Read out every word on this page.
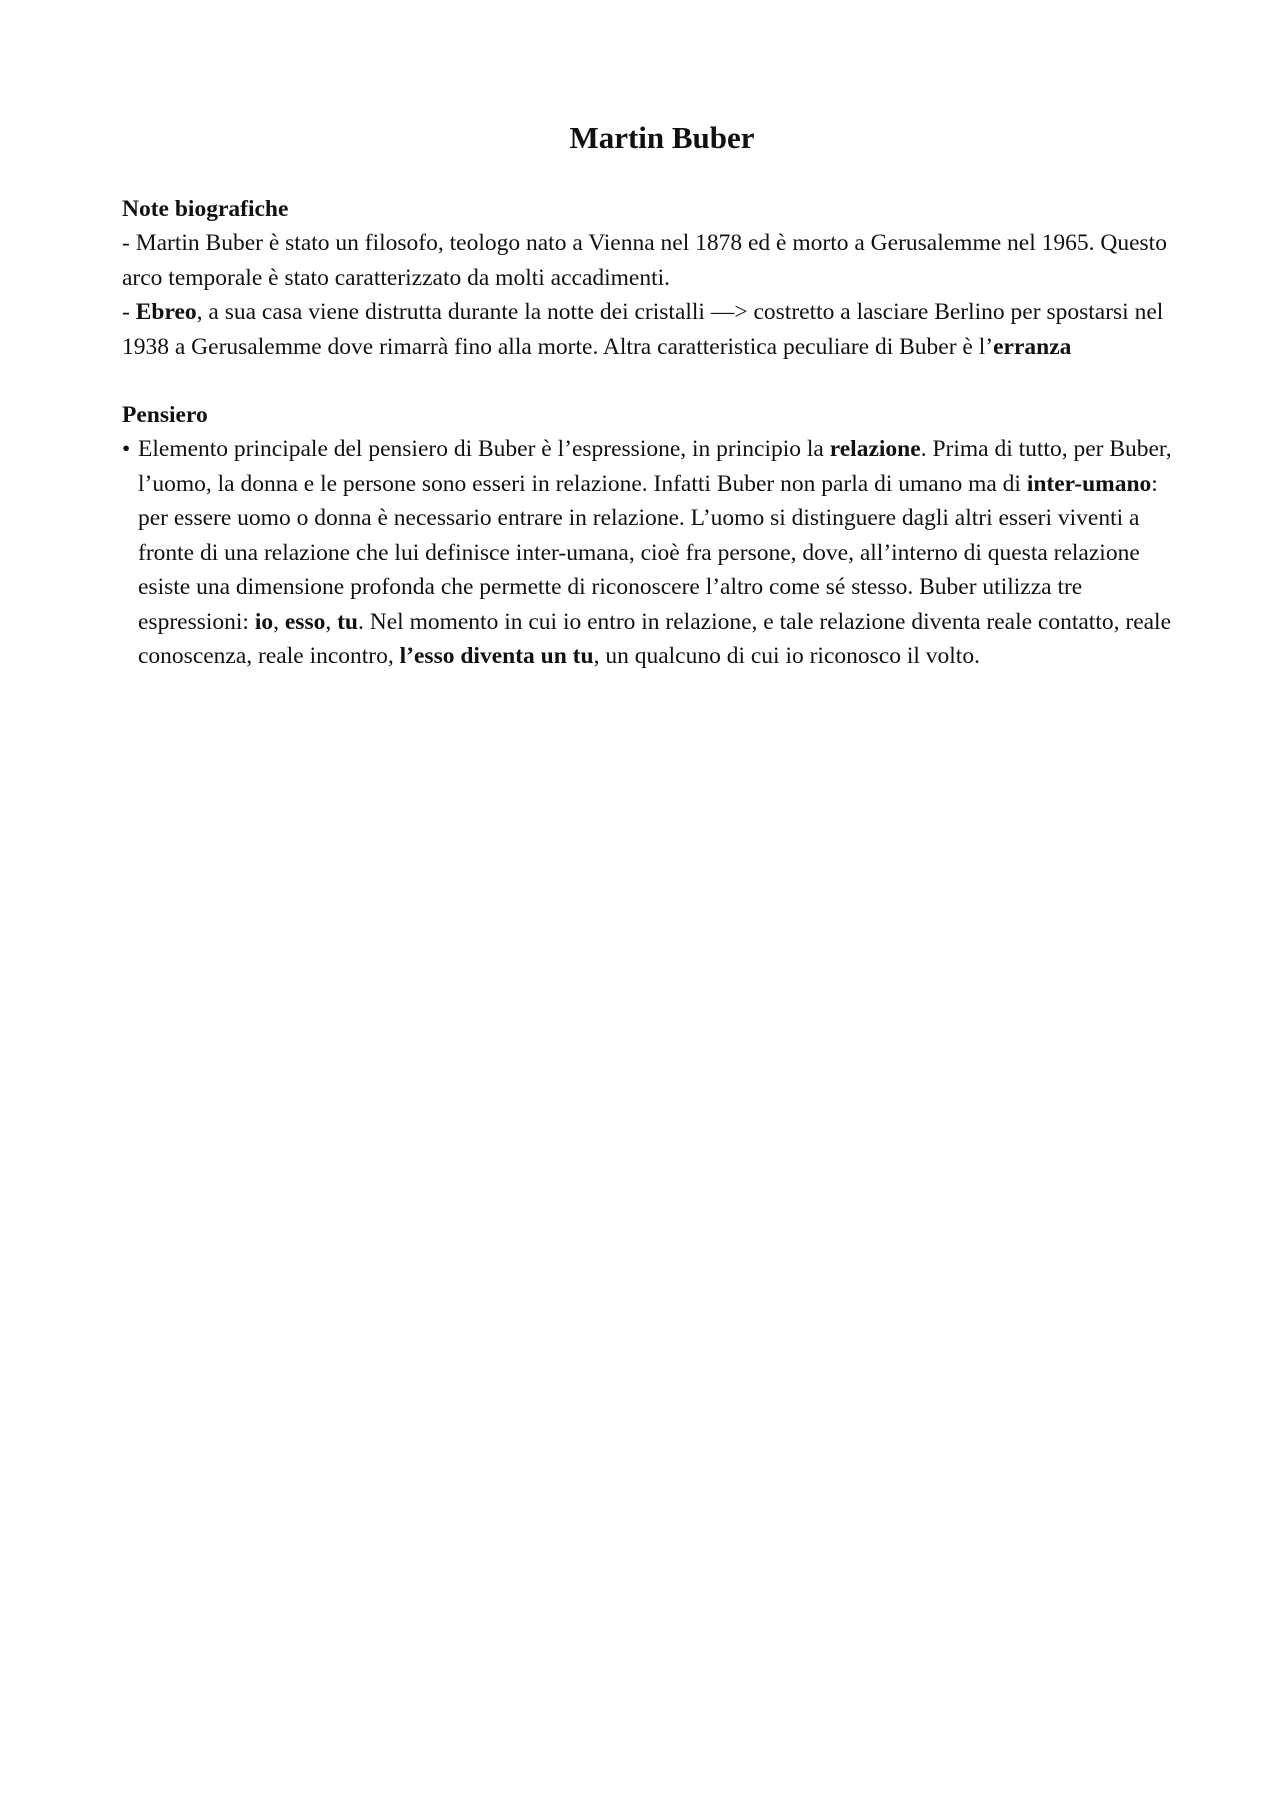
Martin Buber

Note biografiche

- Martin Buber è stato un filosofo, teologo nato a Vienna nel 1878 ed è morto a Gerusalemme nel 1965. Questo arco temporale è stato caratterizzato da molti accadimenti.

- Ebreo, a sua casa viene distrutta durante la notte dei cristalli —> costretto a lasciare Berlino per spostarsi nel 1938 a Gerusalemme dove rimarrà fino alla morte. Altra caratteristica peculiare di Buber è l’erranza

Pensiero

• Elemento principale del pensiero di Buber è l’espressione, in principio la relazione. Prima di tutto, per Buber, l’uomo, la donna e le persone sono esseri in relazione. Infatti Buber non parla di umano ma di inter-umano: per essere uomo o donna è necessario entrare in relazione. L’uomo si distinguere dagli altri esseri viventi a fronte di una relazione che lui definisce inter-umana, cioè fra persone, dove, all’interno di questa relazione esiste una dimensione profonda che permette di riconoscere l’altro come sé stesso. Buber utilizza tre espressioni: io, esso, tu. Nel momento in cui io entro in relazione, e tale relazione diventa reale contatto, reale conoscenza, reale incontro, l’esso diventa un tu, un qualcuno di cui io riconosco il volto.
